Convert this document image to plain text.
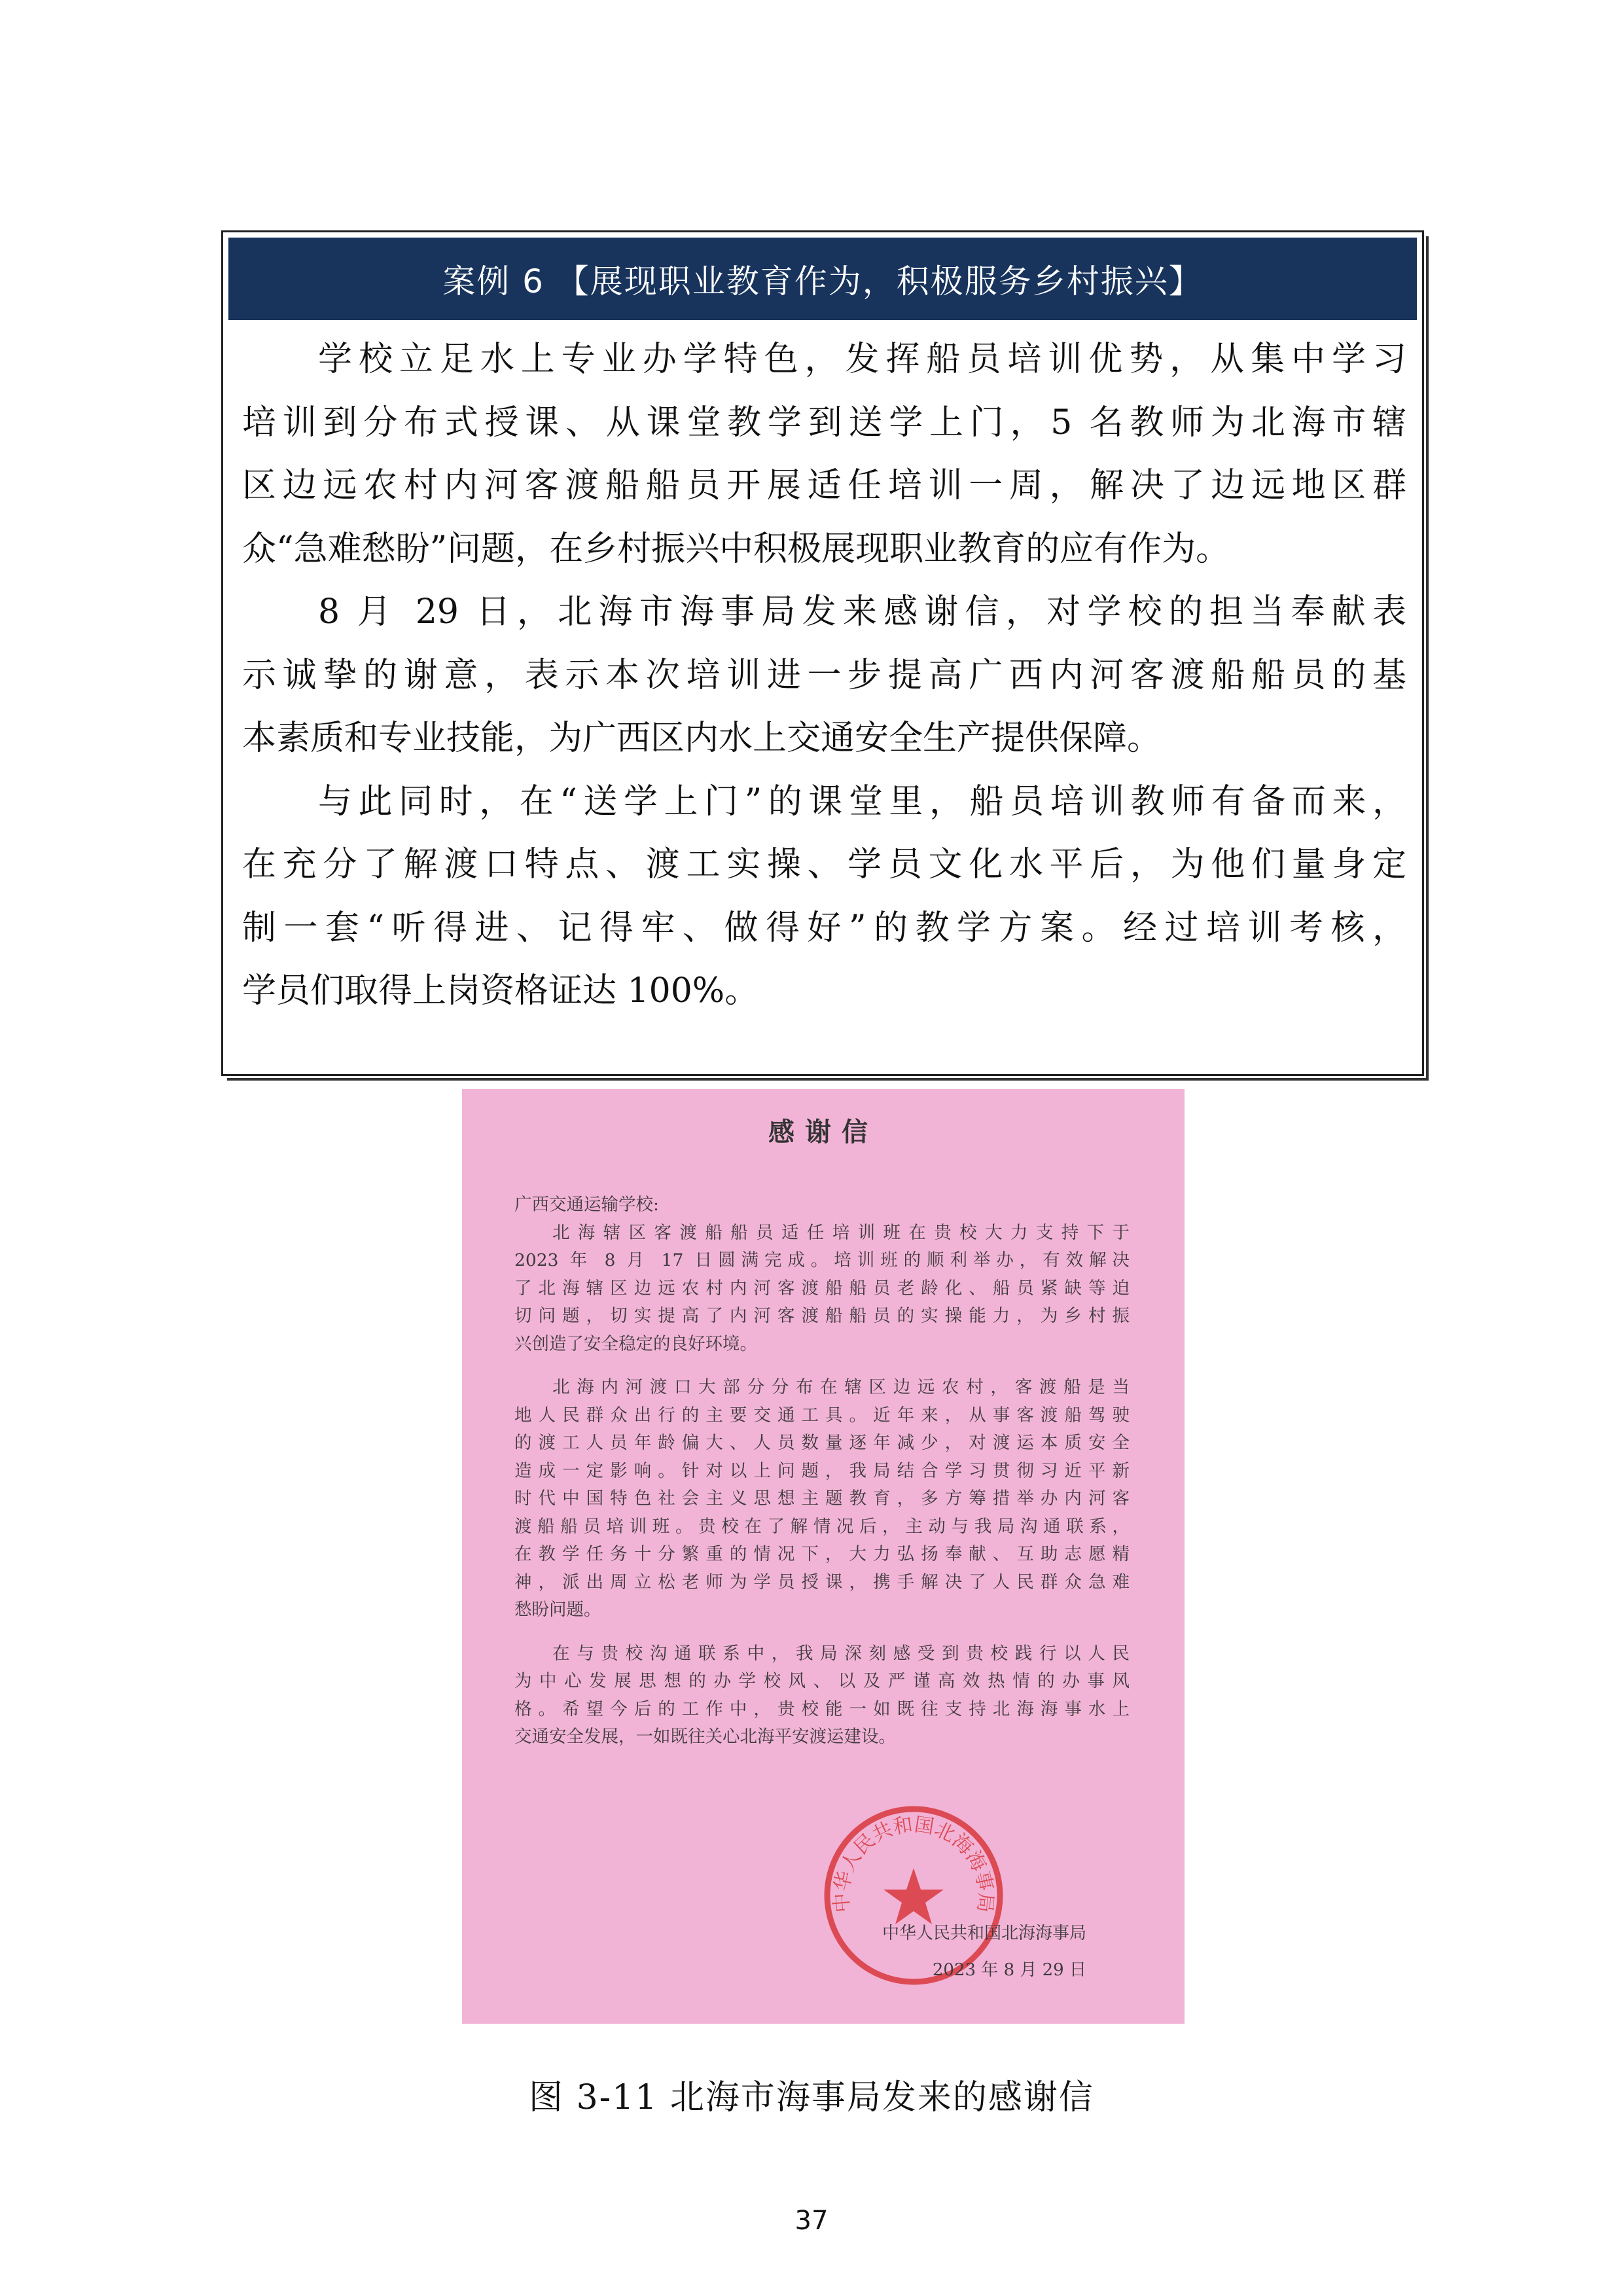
案例 6 【展现职业教育作为，积极服务乡村振兴】
学校立足水上专业办学特色，发挥船员培训优势，从集中学习
培训到分布式授课、从课堂教学到送学上门，5 名教师为北海市辖
区边远农村内河客渡船船员开展适任培训一周，解决了边远地区群
众“急难愁盼”问题，在乡村振兴中积极展现职业教育的应有作为。
8 月 29 日，北海市海事局发来感谢信，对学校的担当奉献表
示诚挚的谢意，表示本次培训进一步提高广西内河客渡船船员的基
本素质和专业技能，为广西区内水上交通安全生产提供保障。
与此同时，在“送学上门”的课堂里，船员培训教师有备而来，
在充分了解渡口特点、渡工实操、学员文化水平后，为他们量身定
制一套“听得进、记得牢、做得好”的教学方案。经过培训考核，
学员们取得上岗资格证达 100%。
感谢信
广西交通运输学校:
北海辖区客渡船船员适任培训班在贵校大力支持下于
2023 年 8 月 17 日圆满完成。培训班的顺利举办，有效解决
了北海辖区边远农村内河客渡船船员老龄化、船员紧缺等迫
切问题，切实提高了内河客渡船船员的实操能力，为乡村振
兴创造了安全稳定的良好环境。
北海内河渡口大部分分布在辖区边远农村，客渡船是当
地人民群众出行的主要交通工具。近年来，从事客渡船驾驶
的渡工人员年龄偏大、人员数量逐年减少，对渡运本质安全
造成一定影响。针对以上问题，我局结合学习贯彻习近平新
时代中国特色社会主义思想主题教育，多方筹措举办内河客
渡船船员培训班。贵校在了解情况后，主动与我局沟通联系，
在教学任务十分繁重的情况下，大力弘扬奉献、互助志愿精
神，派出周立松老师为学员授课，携手解决了人民群众急难
愁盼问题。
在与贵校沟通联系中，我局深刻感受到贵校践行以人民
为中心发展思想的办学校风、以及严谨高效热情的办事风
格。希望今后的工作中，贵校能一如既往支持北海海事水上
交通安全发展，一如既往关心北海平安渡运建设。
中华人民共和国北海海事局
中华人民共和国北海海事局
2023 年 8 月 29 日
图 3-11 北海市海事局发来的感谢信
37
